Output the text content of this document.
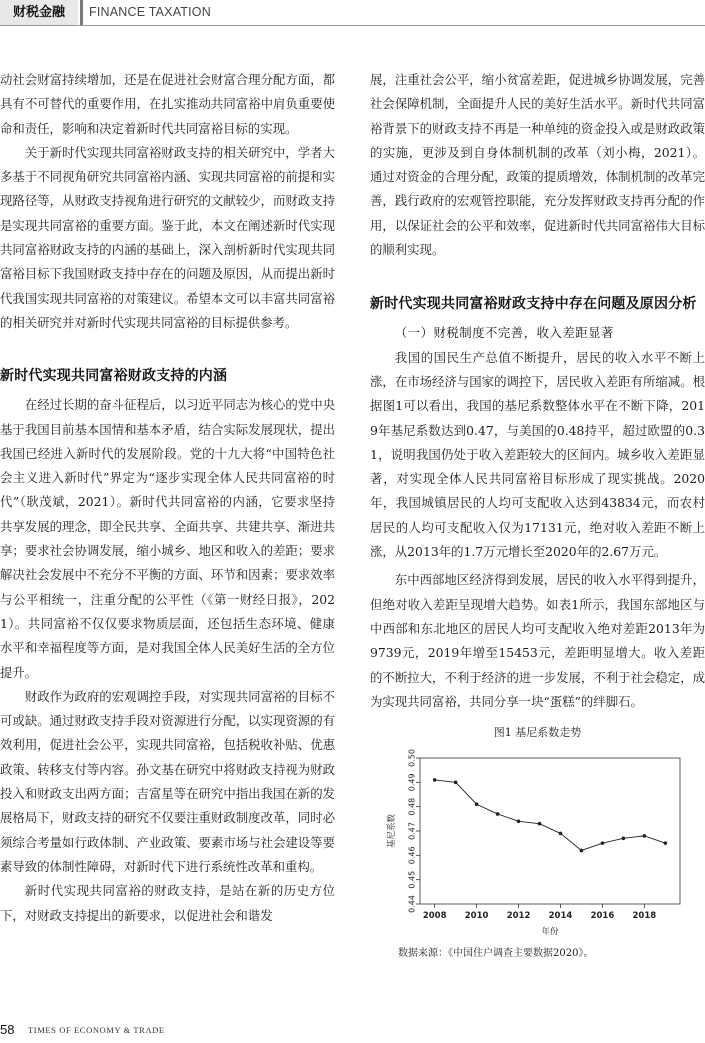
财税金融	FINANCE TAXATION

动社会财富持续增加，还是在促进社会财富合理分配方面，都具有不可替代的重要作用，在扎实推动共同富裕中肩负重要使命和责任，影响和决定着新时代共同富裕目标的实现。

关于新时代实现共同富裕财政支持的相关研究中，学者大多基于不同视角研究共同富裕内涵、实现共同富裕的前提和实现路径等，从财政支持视角进行研究的文献较少，而财政支持是实现共同富裕的重要方面。鉴于此，本文在阐述新时代实现共同富裕财政支持的内涵的基础上，深入剖析新时代实现共同富裕目标下我国财政支持中存在的问题及原因，从而提出新时代我国实现共同富裕的对策建议。希望本文可以丰富共同富裕的相关研究并对新时代实现共同富裕的目标提供参考。

新时代实现共同富裕财政支持的内涵

在经过长期的奋斗征程后，以习近平同志为核心的党中央基于我国目前基本国情和基本矛盾，结合实际发展现状，提出我国已经进入新时代的发展阶段。党的十九大将“中国特色社会主义进入新时代”界定为“逐步实现全体人民共同富裕的时代”（耿茂斌，2021）。新时代共同富裕的内涵，它要求坚持共享发展的理念，即全民共享、全面共享、共建共享、渐进共享；要求社会协调发展，缩小城乡、地区和收入的差距；要求解决社会发展中不充分不平衡的方面、环节和因素；要求效率与公平相统一，注重分配的公平性（《第一财经日报》，2021）。共同富裕不仅仅要求物质层面，还包括生态环境、健康水平和幸福程度等方面，是对我国全体人民美好生活的全方位提升。

财政作为政府的宏观调控手段，对实现共同富裕的目标不可或缺。通过财政支持手段对资源进行分配，以实现资源的有效利用，促进社会公平，实现共同富裕，包括税收补贴、优惠政策、转移支付等内容。孙文基在研究中将财政支持视为财政投入和财政支出两方面；吉富星等在研究中指出我国在新的发展格局下，财政支持的研究不仅要注重财政制度改革，同时必须综合考量如行政体制、产业政策、要素市场与社会建设等要素导致的体制性障碍，对新时代下进行系统性改革和重构。

新时代实现共同富裕的财政支持，是站在新的历史方位下，对财政支持提出的新要求，以促进社会和谐发

展，注重社会公平，缩小贫富差距，促进城乡协调发展，完善社会保障机制，全面提升人民的美好生活水平。新时代共同富裕背景下的财政支持不再是一种单纯的资金投入或是财政政策的实施，更涉及到自身体制机制的改革（刘小梅，2021）。通过对资金的合理分配，政策的提质增效，体制机制的改革完善，践行政府的宏观管控职能，充分发挥财政支持再分配的作用，以保证社会的公平和效率，促进新时代共同富裕伟大目标的顺利实现。

新时代实现共同富裕财政支持中存在问题及原因分析

（一）财税制度不完善，收入差距显著

我国的国民生产总值不断提升，居民的收入水平不断上涨，在市场经济与国家的调控下，居民收入差距有所缩减。根据图1可以看出，我国的基尼系数整体水平在不断下降，2019年基尼系数达到0.47，与美国的0.48持平，超过欧盟的0.31，说明我国仍处于收入差距较大的区间内。城乡收入差距显著，对实现全体人民共同富裕目标形成了现实挑战。2020年，我国城镇居民的人均可支配收入达到43834元，而农村居民的人均可支配收入仅为17131元，绝对收入差距不断上涨，从2013年的1.7万元增长至2020年的2.67万元。

东中西部地区经济得到发展，居民的收入水平得到提升，但绝对收入差距呈现增大趋势。如表1所示，我国东部地区与中西部和东北地区的居民人均可支配收入绝对差距2013年为9739元，2019年增至15453元，差距明显增大。收入差距的不断拉大，不利于经济的进一步发展，不利于社会稳定，成为实现共同富裕，共同分享一块“蛋糕”的绊脚石。

图1 基尼系数走势

0.44
0.45
0.46
0.47
0.48
0.49
0.50
2008 2010 2012 2014 2016 2018
年份
基尼系数

数据来源：《中国住户调查主要数据2020》。

58 TIMES OF ECONOMY & TRADE
